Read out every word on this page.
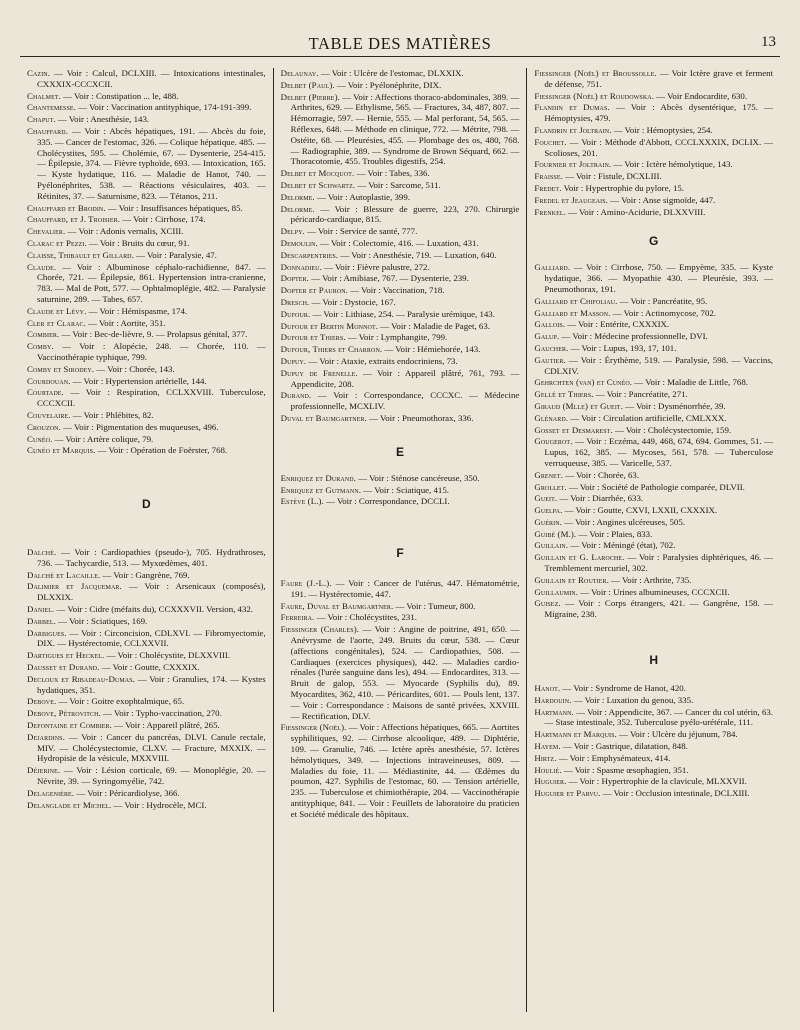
TABLE DES MATIÈRES	13

Cazin. — Voir : Calcul, DCLXIII. — Intoxications intestinales, CXXXIX-CCCXCII.

Chalmet. — Voir : Constipation ... le, 488.

Chantemesse. — Voir : Vaccination antityphique, 174-191-399.

Chaput. — Voir : Anesthésie, 143.

Chauffard. — Voir : Abcès hépatiques, 191. — Abcès du foie, 335. — Cancer de l'estomac, 326. — Colique hépatique. 485. — Cholécystites, 595. — Cholémie, 67. — Dysenterie, 254-415. — Épilepsie, 374. — Fièvre typhoïde, 693. — Intoxication, 165. — Kyste hydatique, 116. — Maladie de Hanot, 740. — Pyélonéphrites, 538. — Réactions vésiculaires, 403. — Rétinites, 37. — Saturnisme, 823. — Tétanos, 211.

Chauffard et Brodin. — Voir : Insuffisances hépatiques, 85.

Chauffard, et J. Troisier. — Voir : Cirrhose, 174.

Chevalier. — Voir : Adonis vernalis, XCIII.

Clarac et Pezzi. — Voir : Bruits du cœur, 91.

Claisse, Thibault et Gillard. — Voir : Paralysie, 47.

Claude. — Voir : Albuminose céphalo-rachidienne, 847. — Chorée, 721. — Épilepsie, 861. Hypertension intra-cranienne, 783. — Mal de Pott, 577. — Ophtalmoplégie, 482. — Paralysie saturnine, 289. — Tabes, 657.

Claude et Lévy. — Voir : Hémispasme, 174.

Cler et Clarac. — Voir : Aortite, 351.

Combier. — Voir : Bec-de-lièvre, 9. — Prolapsus génital, 377.

Comby. — Voir : Alopécie, 248. — Chorée, 110. — Vaccinothérapie typhique, 799.

Comby et Sirodey. — Voir : Chorée, 143.

Courdouan. — Voir : Hypertension artérielle, 144.

Courtade. — Voir : Respiration, CCLXXVIII. Tuberculose, CCCXCII.

Couvelaire. — Voir : Phlébites, 82.

Crouzon. — Voir : Pigmentation des muqueuses, 496.

Cunéo. — Voir : Artère colique, 79.

Cunéo et Marquis. — Voir : Opération de Foërster, 768.

D

Dalché. — Voir : Cardiopathies (pseudo-), 705. Hydrathroses, 736. — Tachycardie, 513. — Myxœdèmes, 401.

Dalché et Lacaille. — Voir : Gangrène, 769.

Dalimier et Jacquemar. — Voir : Arsenicaux (composés), DLXXIX.

Daniel. — Voir : Cidre (méfaits du), CCXXXVII. Version, 432.

Darbel. — Voir : Sciatiques, 169.

Darbigues. — Voir : Circoncision, CDLXVI. — Fibromyectomie, DIX. — Hystérectomie, CCLXXVII.

Dartigues et Heckel. — Voir : Cholécystite, DLXXVIII.

Dausset et Durand. — Voir : Goutte, CXXXIX.

Decloux et Ribadeau-Dumas. — Voir : Granulies, 174. — Kystes hydatiques, 351.

Debove. — Voir : Goitre exophtalmique, 65.

Debove, Pétrovitch. — Voir : Typho-vaccination, 270.

Defontaine et Combier. — Voir : Appareil plâtré, 265.

Dejardins. — Voir : Cancer du pancréas, DLVI. Canule rectale, MIV. — Cholécystectomie, CLXV. — Fracture, MXXIX. — Hydropisie de la vésicule, MXXVIII.

Déjerine. — Voir : Lésion corticale, 69. — Monoplégie, 20. — Névrite, 39. — Syringomyélie, 742.

Delagenière. — Voir : Péricardiolyse, 366.

Delanglade et Michel. — Voir : Hydrocèle, MCI.

Delaunay. — Voir : Ulcère de l'estomac, DLXXIX.

Delbet (Paul). — Voir : Pyélonéphrite, DIX.

Delbet (Pierre). — Voir : Affections thoraco-abdominales, 389. — Arthrites, 629. — Ethylisme, 565. — Fractures, 34, 487, 807. — Hémorragie, 597. — Hernie, 555. — Mal perforant, 54, 565. — Réflexes, 648. — Méthode en clinique, 772. — Métrite, 798. — Ostéite, 68. — Pleurésies, 455. — Plombage des os, 480, 768. — Radiographie, 389. — Syndrome de Brown Séquard, 662. — Thoracotomie, 455. Troubles digestifs, 254.

Delbet et Mocquot. — Voir : Tabes, 336.

Delbet et Schwartz. — Voir : Sarcome, 511.

Delorme. — Voir : Autoplastie, 399.

Delorme. — Voir : Blessure de guerre, 223, 270. Chirurgie péricardo-cardiaque, 815.

Delpy. — Voir : Service de santé, 777.

Demoulin. — Voir : Colectomie, 416. — Luxation, 431.

Descarpentries. — Voir : Anesthésie, 719. — Luxation, 640.

Donnadieu. — Voir : Fièvre palustre, 272.

Dopter. — Voir : Amibiase, 767. — Dysenterie, 239.

Dopter et Pauron. — Voir : Vaccination, 718.

Dresch. — Voir : Dystocie, 167.

Dufour. — Voir : Lithiase, 254. — Paralysie urémique, 143.

Dufour et Bertin Monnot. — Voir : Maladie de Paget, 63.

Dufour et Thiers. — Voir : Lymphangite, 799.

Dufour, Thiers et Charron. — Voir : Hémiehorée, 143.

Dupuy. — Voir : Ataxie, extraits endocriniens, 73.

Dupuy de Frenelle. — Voir : Appareil plâtré, 761, 793. — Appendicite, 208.

Durand. — Voir : Correspondance, CCCXC. — Médecine professionnelle, MCXLIV.

Duval et Baumgartner. — Voir : Pneumothorax, 336.

E

Enriquez et Durand. — Voir : Sténose cancéreuse, 350.

Enriquez et Gutmann. — Voir : Sciatique, 415.

Estève (L.). — Voir : Correspondance, DCCLI.

F

Faure (J.-L.). — Voir : Cancer de l'utérus, 447. Hématométrie, 191. — Hystérectomie, 447.

Faure, Duval et Baumgartner. — Voir : Tumeur, 800.

Ferreira. — Voir : Cholécystites, 231.

Fiessinger (Charles). — Voir : Angine de poitrine, 491, 650. — Anévrysme de l'aorte, 249. Bruits du cœur, 538. — Cœur (affections congénitales), 524. — Cardiopathies, 508. — Cardiaques (exercices physiques), 442. — Maladies cardio-rénales (l'urée sanguine dans les), 494. — Endocardites, 313. — Bruit de galop, 553. — Myocarde (Syphilis du), 89. Myocardites, 362, 410. — Péricardites, 601. — Pouls lent, 137. — Voir : Correspondance : Maisons de santé privées, XXVIII. — Rectification, DLV.

Fiessinger (Noël). — Voir : Affections hépatiques, 665. — Aortites syphilitiques, 92. — Cirrhose alcoolique, 489. — Diphtérie, 109. — Granulie, 746. — Ictère après anesthésie, 57. Ictères hémolytiques, 349. — Injections intraveineuses, 809. — Maladies du foie, 11. — Médiastinite, 44. — Œdèmes du poumon, 427. Syphilis de l'estomac, 60. — Tension artérielle, 235. — Tuberculose et chimiothérapie, 204. — Vaccinothérapie antityphique, 841. — Voir : Feuillets de laboratoire du praticien et Société médicale des hôpitaux.

Fiessinger (Noël) et Broussolle. — Voir Ictère grave et ferment de défense, 751.

Fiessinger (Noël) et Roudowska. — Voir Endocardite, 630.

Flandin et Dumas. — Voir : Abcès dysentérique, 175. — Hémoptysies, 479.

Flandrin et Joltrain. — Voir : Hémoptysies, 254.

Fouchet. — Voir : Méthode d'Abbott, CCCLXXXIX, DCLIX. — Scolioses, 201.

Fournier et Joltrain. — Voir : Ictère hémolytique, 143.

Fraisse. — Voir : Fistule, DCXLIII.

Fredet. Voir : Hypertrophie du pylore, 15.

Fredel et Jeaugeais. — Voir : Anse sigmoïde, 447.

Frenkel. — Voir : Amino-Acidurie, DLXXVIII.

G

Galliard. — Voir : Cirrhose, 750. — Empyème, 335. — Kyste hydatique, 366. — Myopathie 430. — Pleurésie, 393. — Pneumothorax, 191.

Galliard et Chifoliau. — Voir : Pancréatite, 95.

Galliard et Masson. — Voir : Actinomycose, 702.

Gallois. — Voir : Entérite, CXXXIX.

Galup. — Voir : Médecine professionnelle, DVI.

Gaucher. — Voir : Lupus, 193, 17, 101.

Gautier. — Voir : Érythème, 519. — Paralysie, 598. — Vaccins, CDLXIV.

Gehrchten (van) et Cunéo. — Voir : Maladie de Little, 768.

Gellé et Thiers. — Voir : Pancréatite, 271.

Giraud (Mlle) et Gueit. — Voir : Dysménorrhée, 39.

Glénard. — Voir : Circulation artificielle, CMLXXX.

Gosset et Desmarest. — Voir : Cholécystectomie, 159.

Gougerot. — Voir : Eczéma, 449, 468, 674, 694. Gommes, 51. — Lupus, 162, 385. — Mycoses, 561, 578. — Tuberculose verruqueuse, 385. — Varicelle, 537.

Grenet. — Voir : Chorée, 63.

Grollet. — Voir : Société de Pathologie comparée, DLVII.

Gueit. — Voir : Diarrhée, 633.

Guelpa. — Voir : Goutte, CXVI, LXXII, CXXXIX.

Guérin. — Voir : Angines ulcéreuses, 505.

Guibé (M.). — Voir : Plaies, 833.

Guillain. — Voir : Méningé (état), 702.

Guillain et G. Laroche. — Voir : Paralysies diphtériques, 46. — Tremblement mercuriel, 302.

Guillain et Routier. — Voir : Arthrite, 735.

Guillaumin. — Voir : Urines albumineuses, CCCXCII.

Guisez. — Voir : Corps étrangers, 421. — Gangrène, 158. — Migraine, 238.

H

Hanot. — Voir : Syndrome de Hanot, 420.

Hardouin. — Voir : Luxation du genou, 335.

Hartmann. — Voir : Appendicite, 367. — Cancer du col utérin, 63. — Stase intestinale, 352. Tuberculose pyélo-urétérale, 111.

Hartmann et Marquis. — Voir : Ulcère du jéjunum, 784.

Hayem. — Voir : Gastrique, dilatation, 848.

Hirtz. — Voir : Emphysémateux, 414.

Houlié. — Voir : Spasme œsophagien, 351.

Huguier. — Voir : Hypertrophie de la clavicule, MLXXVII.

Huguier et Parvu. — Voir : Occlusion intestinale, DCLXIII.
